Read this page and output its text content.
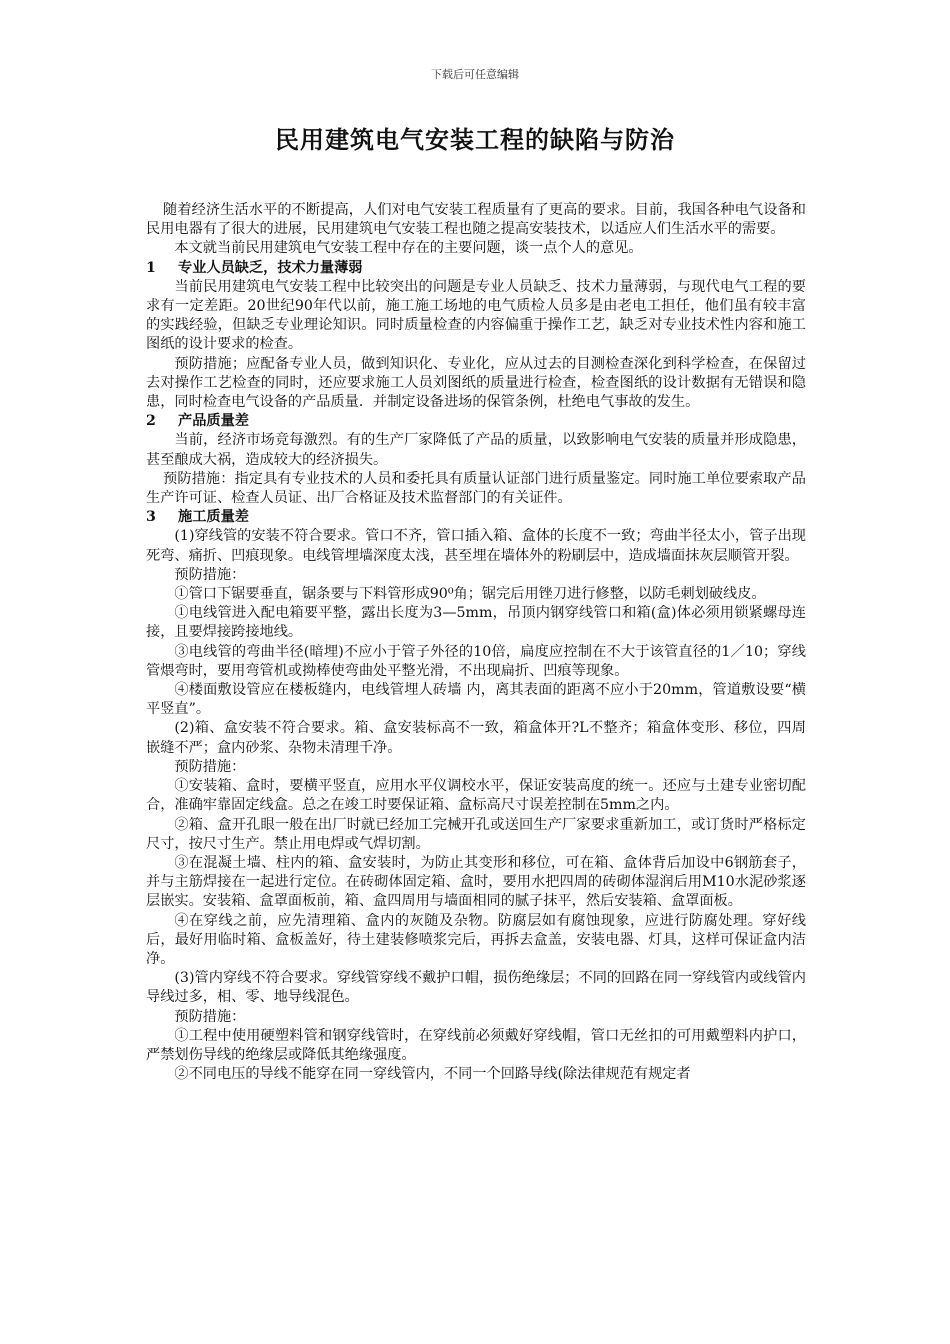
下载后可任意编辑
民用建筑电气安装工程的缺陷与防治

随着经济生活水平的不断提高，人们对电气安装工程质量有了更高的要求。目前，我国各种电气设备和民用电器有了很大的进展，民用建筑电气安装工程也随之提高安装技术，以适应人们生活水平的需要。

本文就当前民用建筑电气安装工程中存在的主要问题，谈一点个人的意见。

1 专业人员缺乏，技术力量薄弱

当前民用建筑电气安装工程中比较突出的问题是专业人员缺乏、技术力量薄弱，与现代电气工程的要求有一定差距。20世纪90年代以前，施工施工场地的电气质检人员多是由老电工担任，他们虽有较丰富的实践经验，但缺乏专业理论知识。同时质量检查的内容偏重于操作工艺，缺乏对专业技术性内容和施工图纸的设计要求的检查。

预防措施；应配备专业人员，做到知识化、专业化，应从过去的目测检查深化到科学检查，在保留过去对操作工艺检查的同时，还应要求施工人员刘图纸的质量进行检查，检查图纸的设计数据有无错误和隐患，同时检查电气设备的产品质量．并制定设备进场的保管条例，杜绝电气事故的发生。

2 产品质量差

当前，经济市场竞每激烈。有的生产厂家降低了产品的质量，以致影响电气安装的质量并形成隐患，甚至酿成大祸，造成较大的经济损失。

预防措施：指定具有专业技术的人员和委托具有质量认证部门进行质量鉴定。同时施工单位要索取产品生产许可证、检查人员证、出厂合格证及技术监督部门的有关证件。

3 施工质量差

(1)穿线管的安装不符合要求。管口不齐，管口插入箱、盒体的长度不一致；弯曲半径太小，管子出现死弯、痛折、凹痕现象。电线管埋墙深度太浅，甚至埋在墙体外的粉刷层中，造成墙面抹灰层顺管开裂。

预防措施：

①管口下锯要垂直，锯条要与下料管形成90⁰角；锯完后用锉刀进行修整，以防毛刺划破线皮。

①电线管进入配电箱要平整，露出长度为3—5mm，吊顶内钢穿线管口和箱(盒)体必须用锁紧螺母连接，且要焊接跨接地线。

③电线管的弯曲半径(暗埋)不应小于管子外径的10倍，扁度应控制在不大于该管直径的1／10；穿线管煨弯时，要用弯管机或拗棒使弯曲处平整光滑，不出现扁折、凹痕等现象。

④楼面敷设管应在楼板缝内，电线管埋人砖墙 内，离其表面的距离不应小于20mm，管道敷设要“横平竖直”。

(2)箱、盒安装不符合要求。箱、盒安装标高不一致，箱盒体开?L不整齐；箱盒体变形、移位，四周嵌缝不严；盒内砂浆、杂物未清理千净。

预防措施：

①安装箱、盒时，要横平竖直，应用水平仪调校水平，保证安装高度的统一。还应与土建专业密切配合，准确牢靠固定线盒。总之在竣工时要保证箱、盒标高尺寸误差控制在5mm之内。

②箱、盒开孔眼一般在出厂时就已经加工完械开孔或送回生产厂家要求重新加工，或订货时严格标定尺寸，按尺寸生产。禁止用电焊或气焊切割。

③在混凝土墙、柱内的箱、盒安装时，为防止其变形和移位，可在箱、盒体背后加设中6钢筋套子，并与主筋焊接在一起进行定位。在砖砌体固定箱、盒时，要用水把四周的砖砌体湿润后用M10水泥砂浆逐层嵌实。安装箱、盒罩面板前，箱、盒四周用与墙面相同的腻子抹平，然后安装箱、盒罩面板。

④在穿线之前，应先清理箱、盒内的灰随及杂物。防腐层如有腐蚀现象，应进行防腐处理。穿好线后，最好用临时箱、盒板盖好，待土建装修喷浆完后，再拆去盒盖，安装电器、灯具，这样可保证盒内洁净。

(3)管内穿线不符合要求。穿线管穿线不戴护口帽，损伤绝缘层；不同的回路在同一穿线管内或线管内导线过多，相、零、地导线混色。

预防措施：

①工程中使用硬塑料管和钢穿线管时，在穿线前必须戴好穿线帽，管口无丝扣的可用戴塑料内护口，严禁划伤导线的绝缘层或降低其绝缘强度。

②不同电压的导线不能穿在同一穿线管内，不同一个回路导线(除法律规范有规定者
